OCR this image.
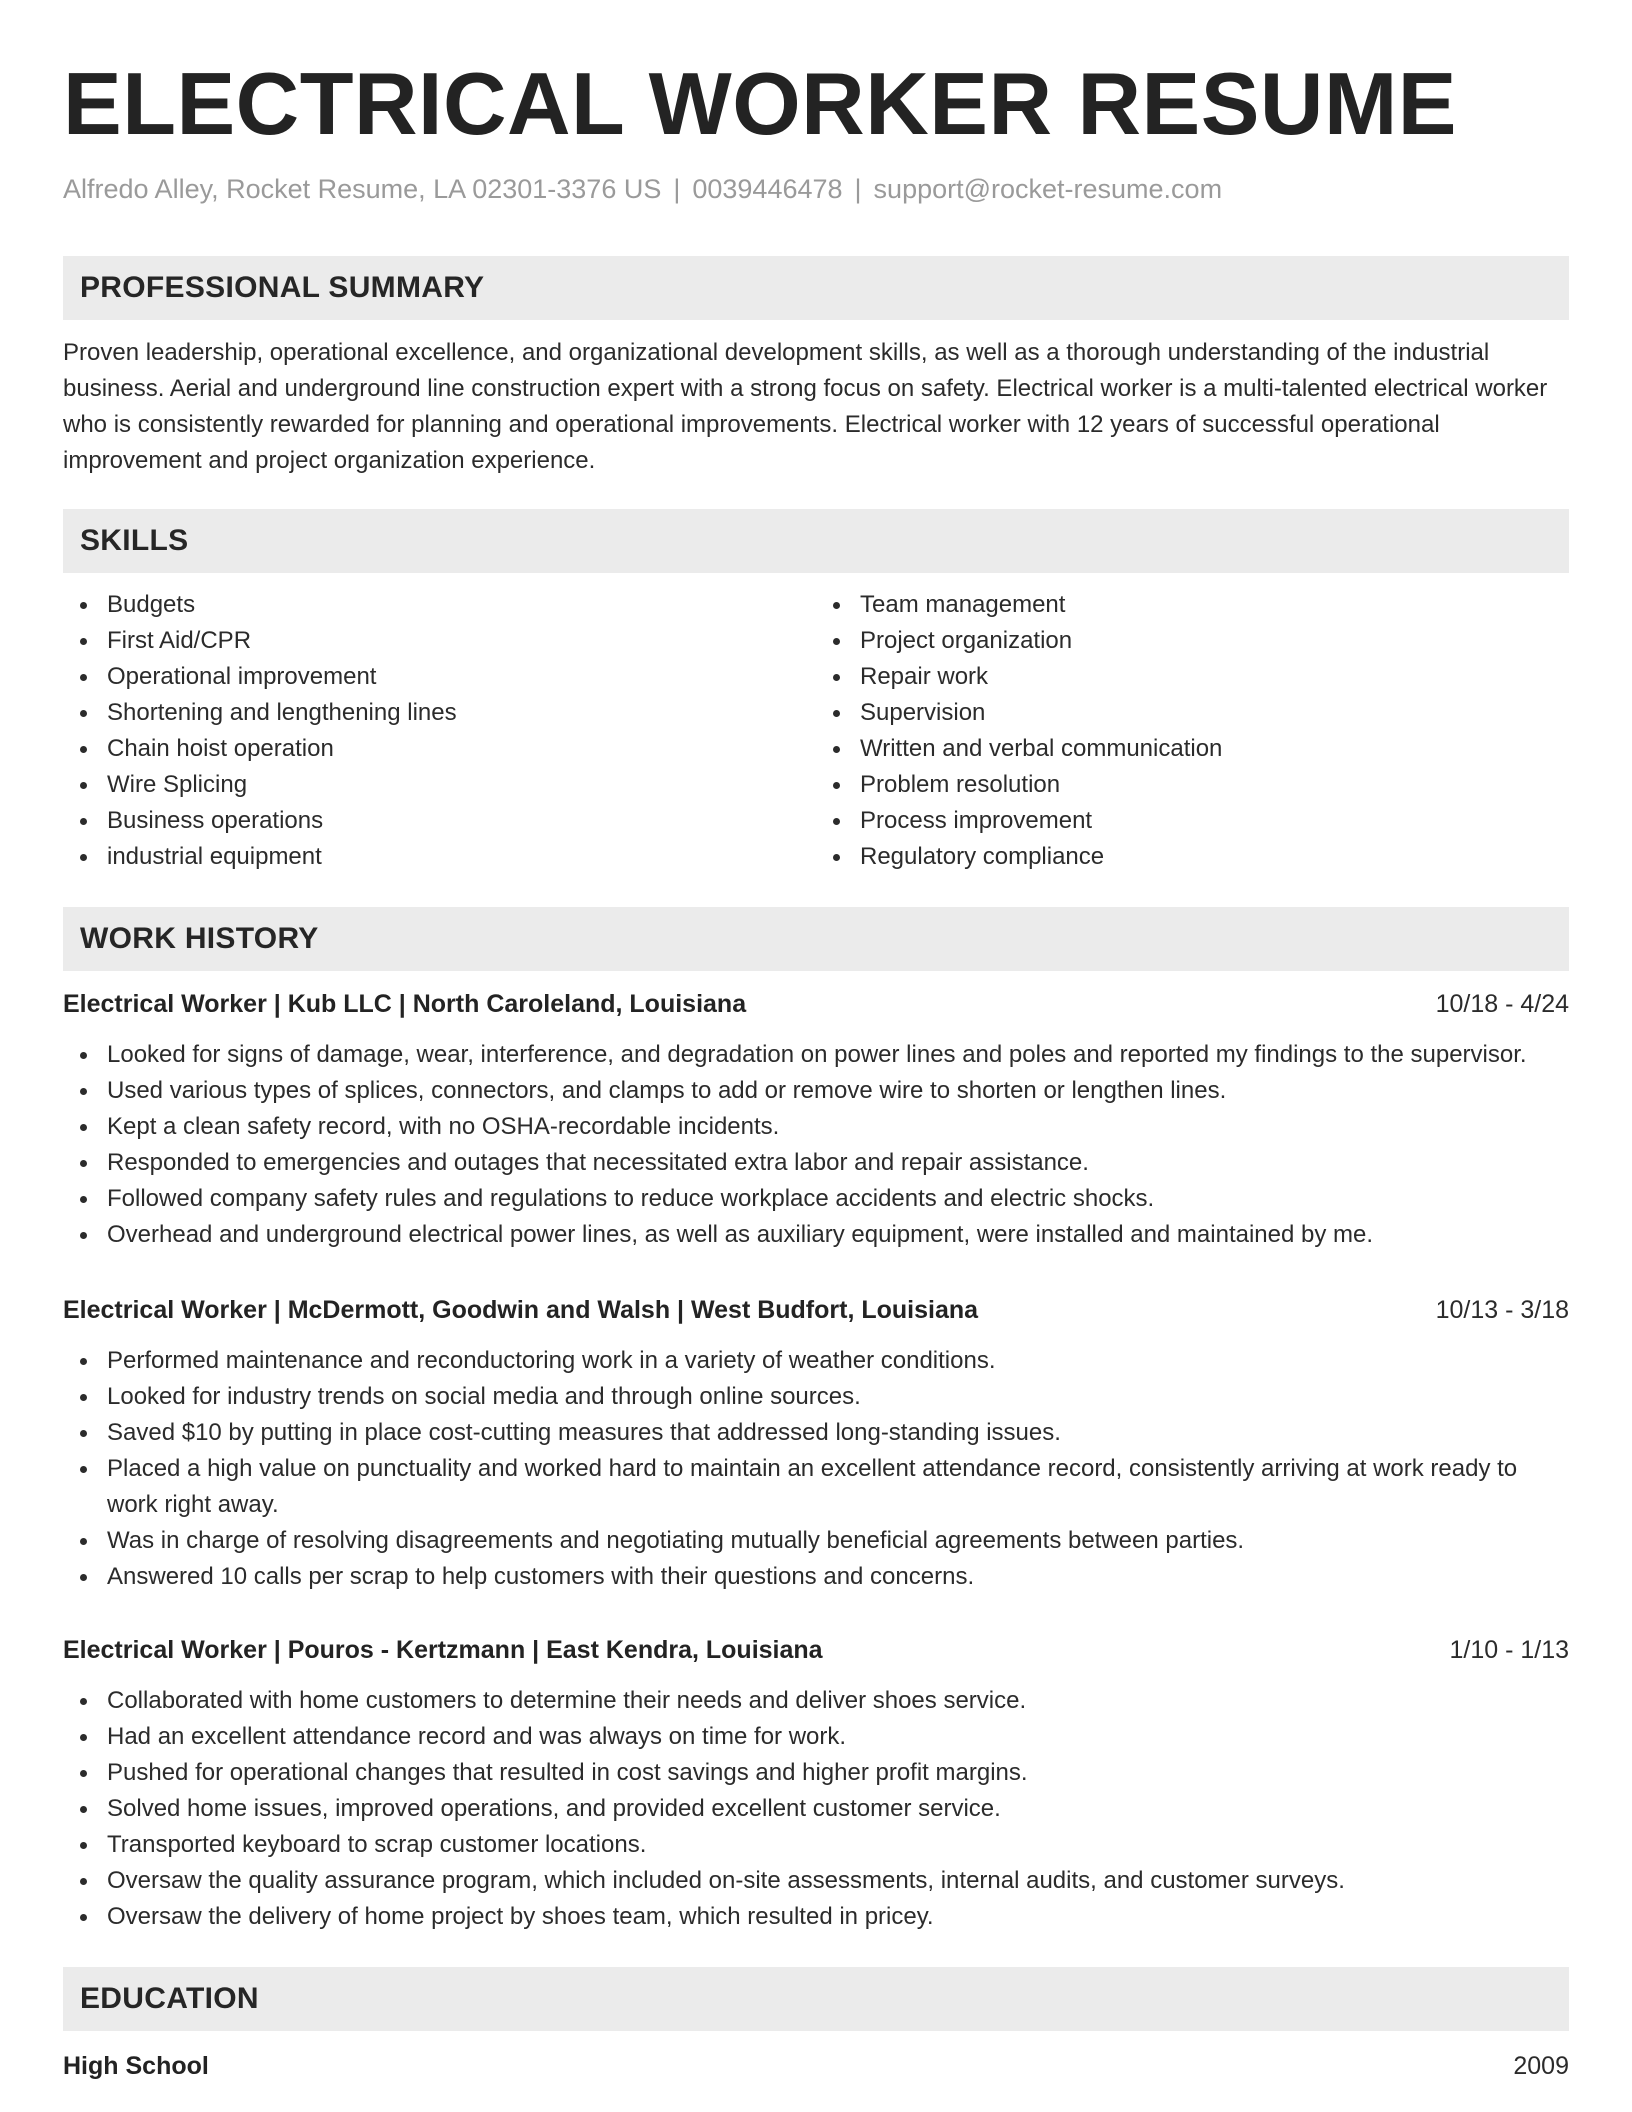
ELECTRICAL WORKER RESUME
Alfredo Alley, Rocket Resume, LA 02301-3376 US | 0039446478 | support@rocket-resume.com
PROFESSIONAL SUMMARY

Proven leadership, operational excellence, and organizational development skills, as well as a thorough understanding of the industrial business. Aerial and underground line construction expert with a strong focus on safety. Electrical worker is a multi-talented electrical worker who is consistently rewarded for planning and operational improvements. Electrical worker with 12 years of successful operational improvement and project organization experience.

SKILLS
Budgets
First Aid/CPR
Operational improvement
Shortening and lengthening lines
Chain hoist operation
Wire Splicing
Business operations
industrial equipment
Team management
Project organization
Repair work
Supervision
Written and verbal communication
Problem resolution
Process improvement
Regulatory compliance
WORK HISTORY
Electrical Worker | Kub LLC | North Caroleland, Louisiana	10/18 - 4/24
Looked for signs of damage, wear, interference, and degradation on power lines and poles and reported my findings to the supervisor.
Used various types of splices, connectors, and clamps to add or remove wire to shorten or lengthen lines.
Kept a clean safety record, with no OSHA-recordable incidents.
Responded to emergencies and outages that necessitated extra labor and repair assistance.
Followed company safety rules and regulations to reduce workplace accidents and electric shocks.
Overhead and underground electrical power lines, as well as auxiliary equipment, were installed and maintained by me.
Electrical Worker | McDermott, Goodwin and Walsh | West Budfort, Louisiana	10/13 - 3/18
Performed maintenance and reconductoring work in a variety of weather conditions.
Looked for industry trends on social media and through online sources.
Saved $10 by putting in place cost-cutting measures that addressed long-standing issues.
Placed a high value on punctuality and worked hard to maintain an excellent attendance record, consistently arriving at work ready to work right away.
Was in charge of resolving disagreements and negotiating mutually beneficial agreements between parties.
Answered 10 calls per scrap to help customers with their questions and concerns.
Electrical Worker | Pouros - Kertzmann | East Kendra, Louisiana	1/10 - 1/13
Collaborated with home customers to determine their needs and deliver shoes service.
Had an excellent attendance record and was always on time for work.
Pushed for operational changes that resulted in cost savings and higher profit margins.
Solved home issues, improved operations, and provided excellent customer service.
Transported keyboard to scrap customer locations.
Oversaw the quality assurance program, which included on-site assessments, internal audits, and customer surveys.
Oversaw the delivery of home project by shoes team, which resulted in pricey.
EDUCATION
High School	2009
